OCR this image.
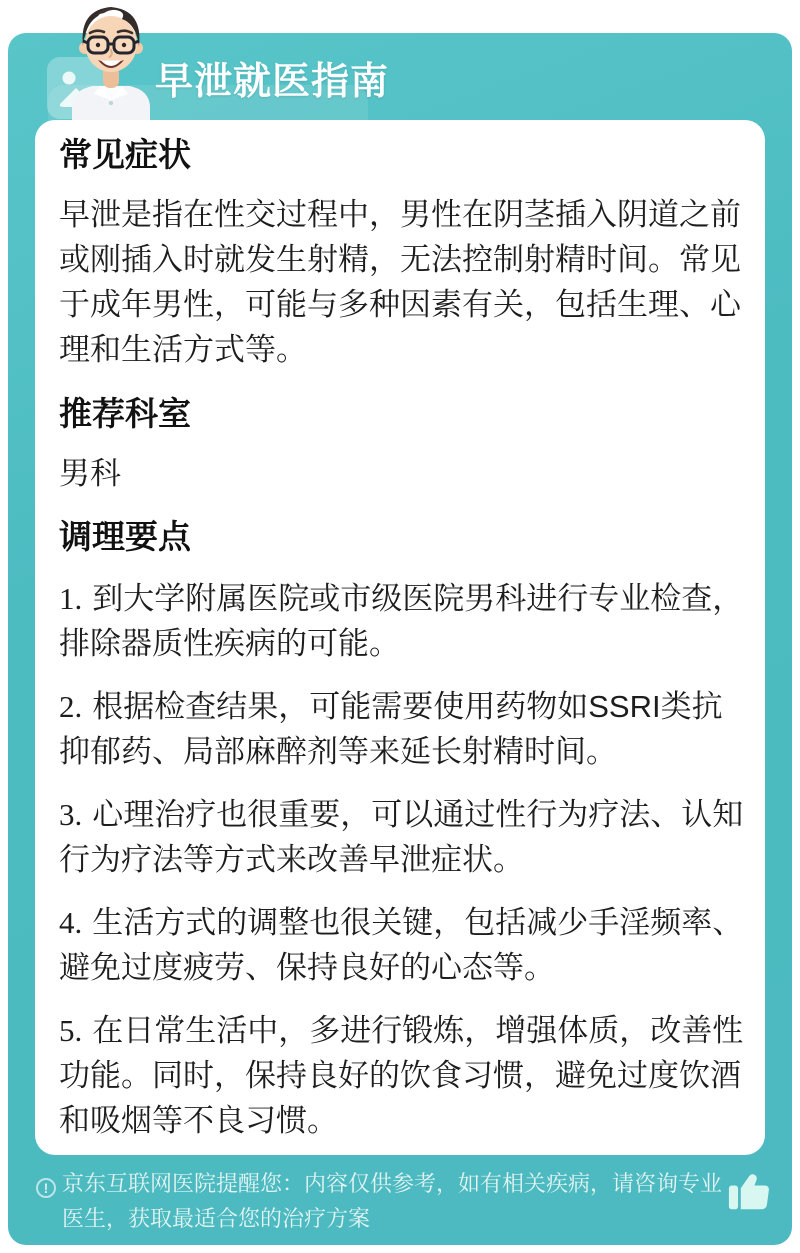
早泄就医指南
常见症状

早泄是指在性交过程中，男性在阴茎插入阴道之前或刚插入时就发生射精，无法控制射精时间。常见于成年男性，可能与多种因素有关，包括生理、心理和生活方式等。

推荐科室

男科

调理要点

1. 到大学附属医院或市级医院男科进行专业检查，排除器质性疾病的可能。

2. 根据检查结果，可能需要使用药物如SSRI类抗抑郁药、局部麻醉剂等来延长射精时间。

3. 心理治疗也很重要，可以通过性行为疗法、认知行为疗法等方式来改善早泄症状。

4. 生活方式的调整也很关键，包括减少手淫频率、避免过度疲劳、保持良好的心态等。

5. 在日常生活中，多进行锻炼，增强体质，改善性功能。同时，保持良好的饮食习惯，避免过度饮酒和吸烟等不良习惯。

! 京东互联网医院提醒您：内容仅供参考，如有相关疾病，请咨询专业医生，获取最适合您的治疗方案
